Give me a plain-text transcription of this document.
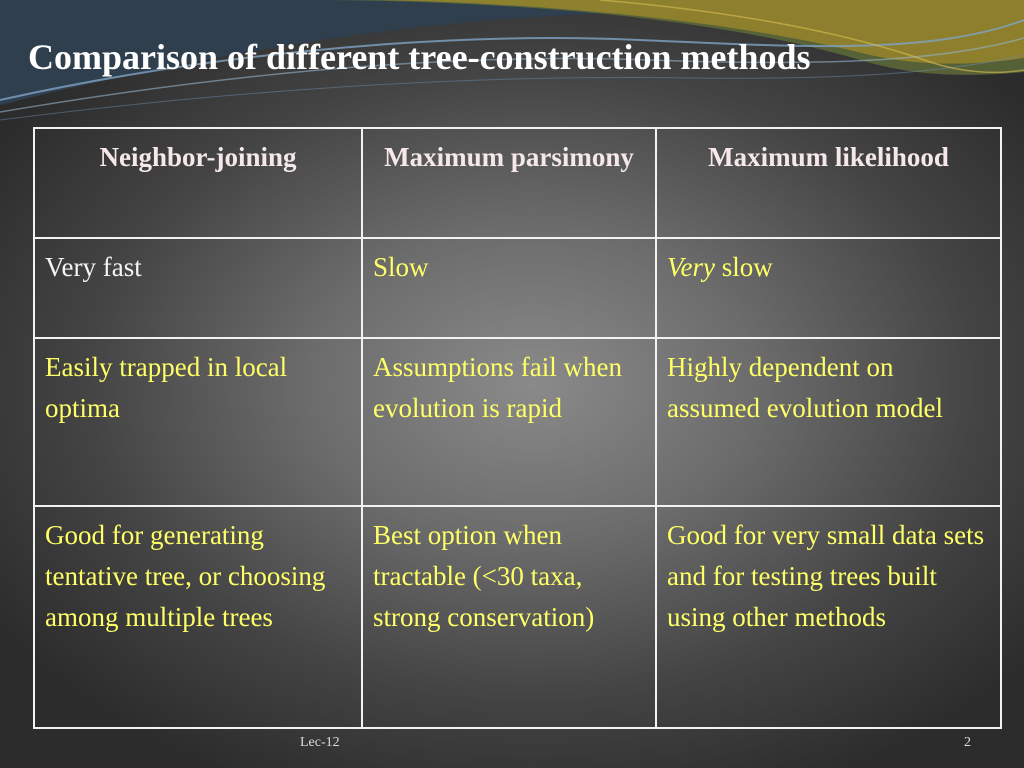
Comparison of different tree-construction methods
Neighbor-joining	Maximum parsimony	Maximum likelihood
Very fast	Slow	Very slow
Easily trapped in local optima	Assumptions fail when evolution is rapid	Highly dependent on assumed evolution model
Good for generating tentative tree, or choosing among multiple trees	Best option when tractable (<30 taxa, strong conservation)	Good for very small data sets and for testing trees built using other methods
Lec-12	2
